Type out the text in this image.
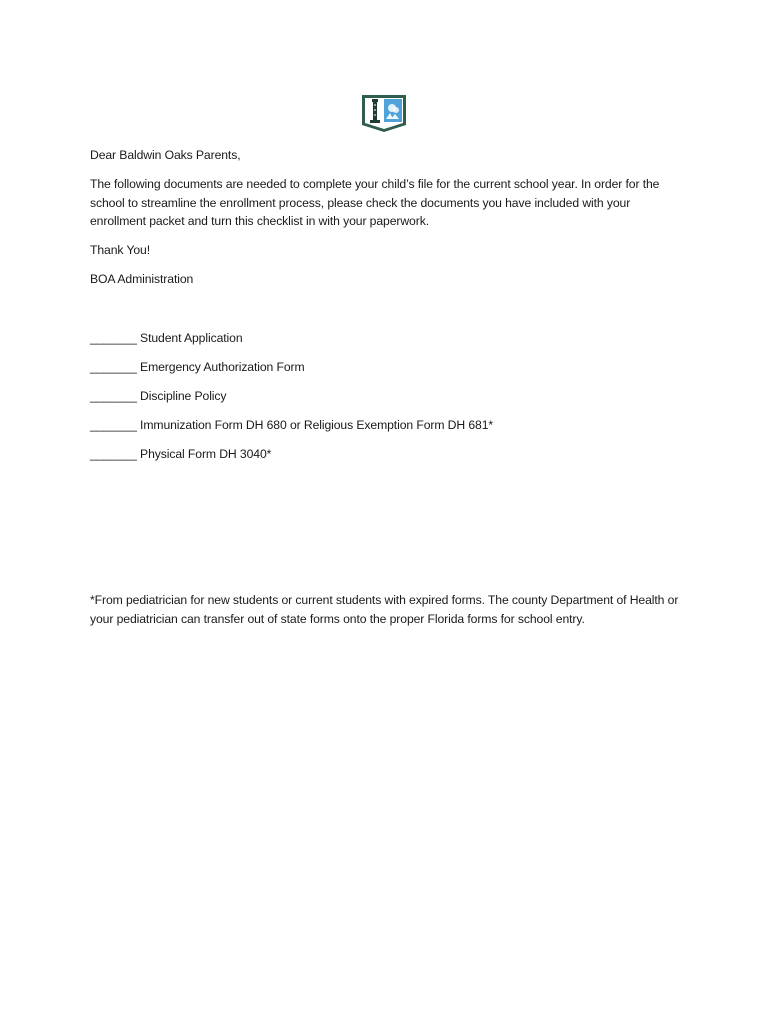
Dear Baldwin Oaks Parents,

The following documents are needed to complete your child’s file for the current school year. In order for the school to streamline the enrollment process, please check the documents you have included with your enrollment packet and turn this checklist in with your paperwork.

Thank You!

BOA Administration

_______ Student Application
_______ Emergency Authorization Form
_______ Discipline Policy
_______ Immunization Form DH 680 or Religious Exemption Form DH 681*
_______ Physical Form DH 3040*

*From pediatrician for new students or current students with expired forms. The county Department of Health or your pediatrician can transfer out of state forms onto the proper Florida forms for school entry.
